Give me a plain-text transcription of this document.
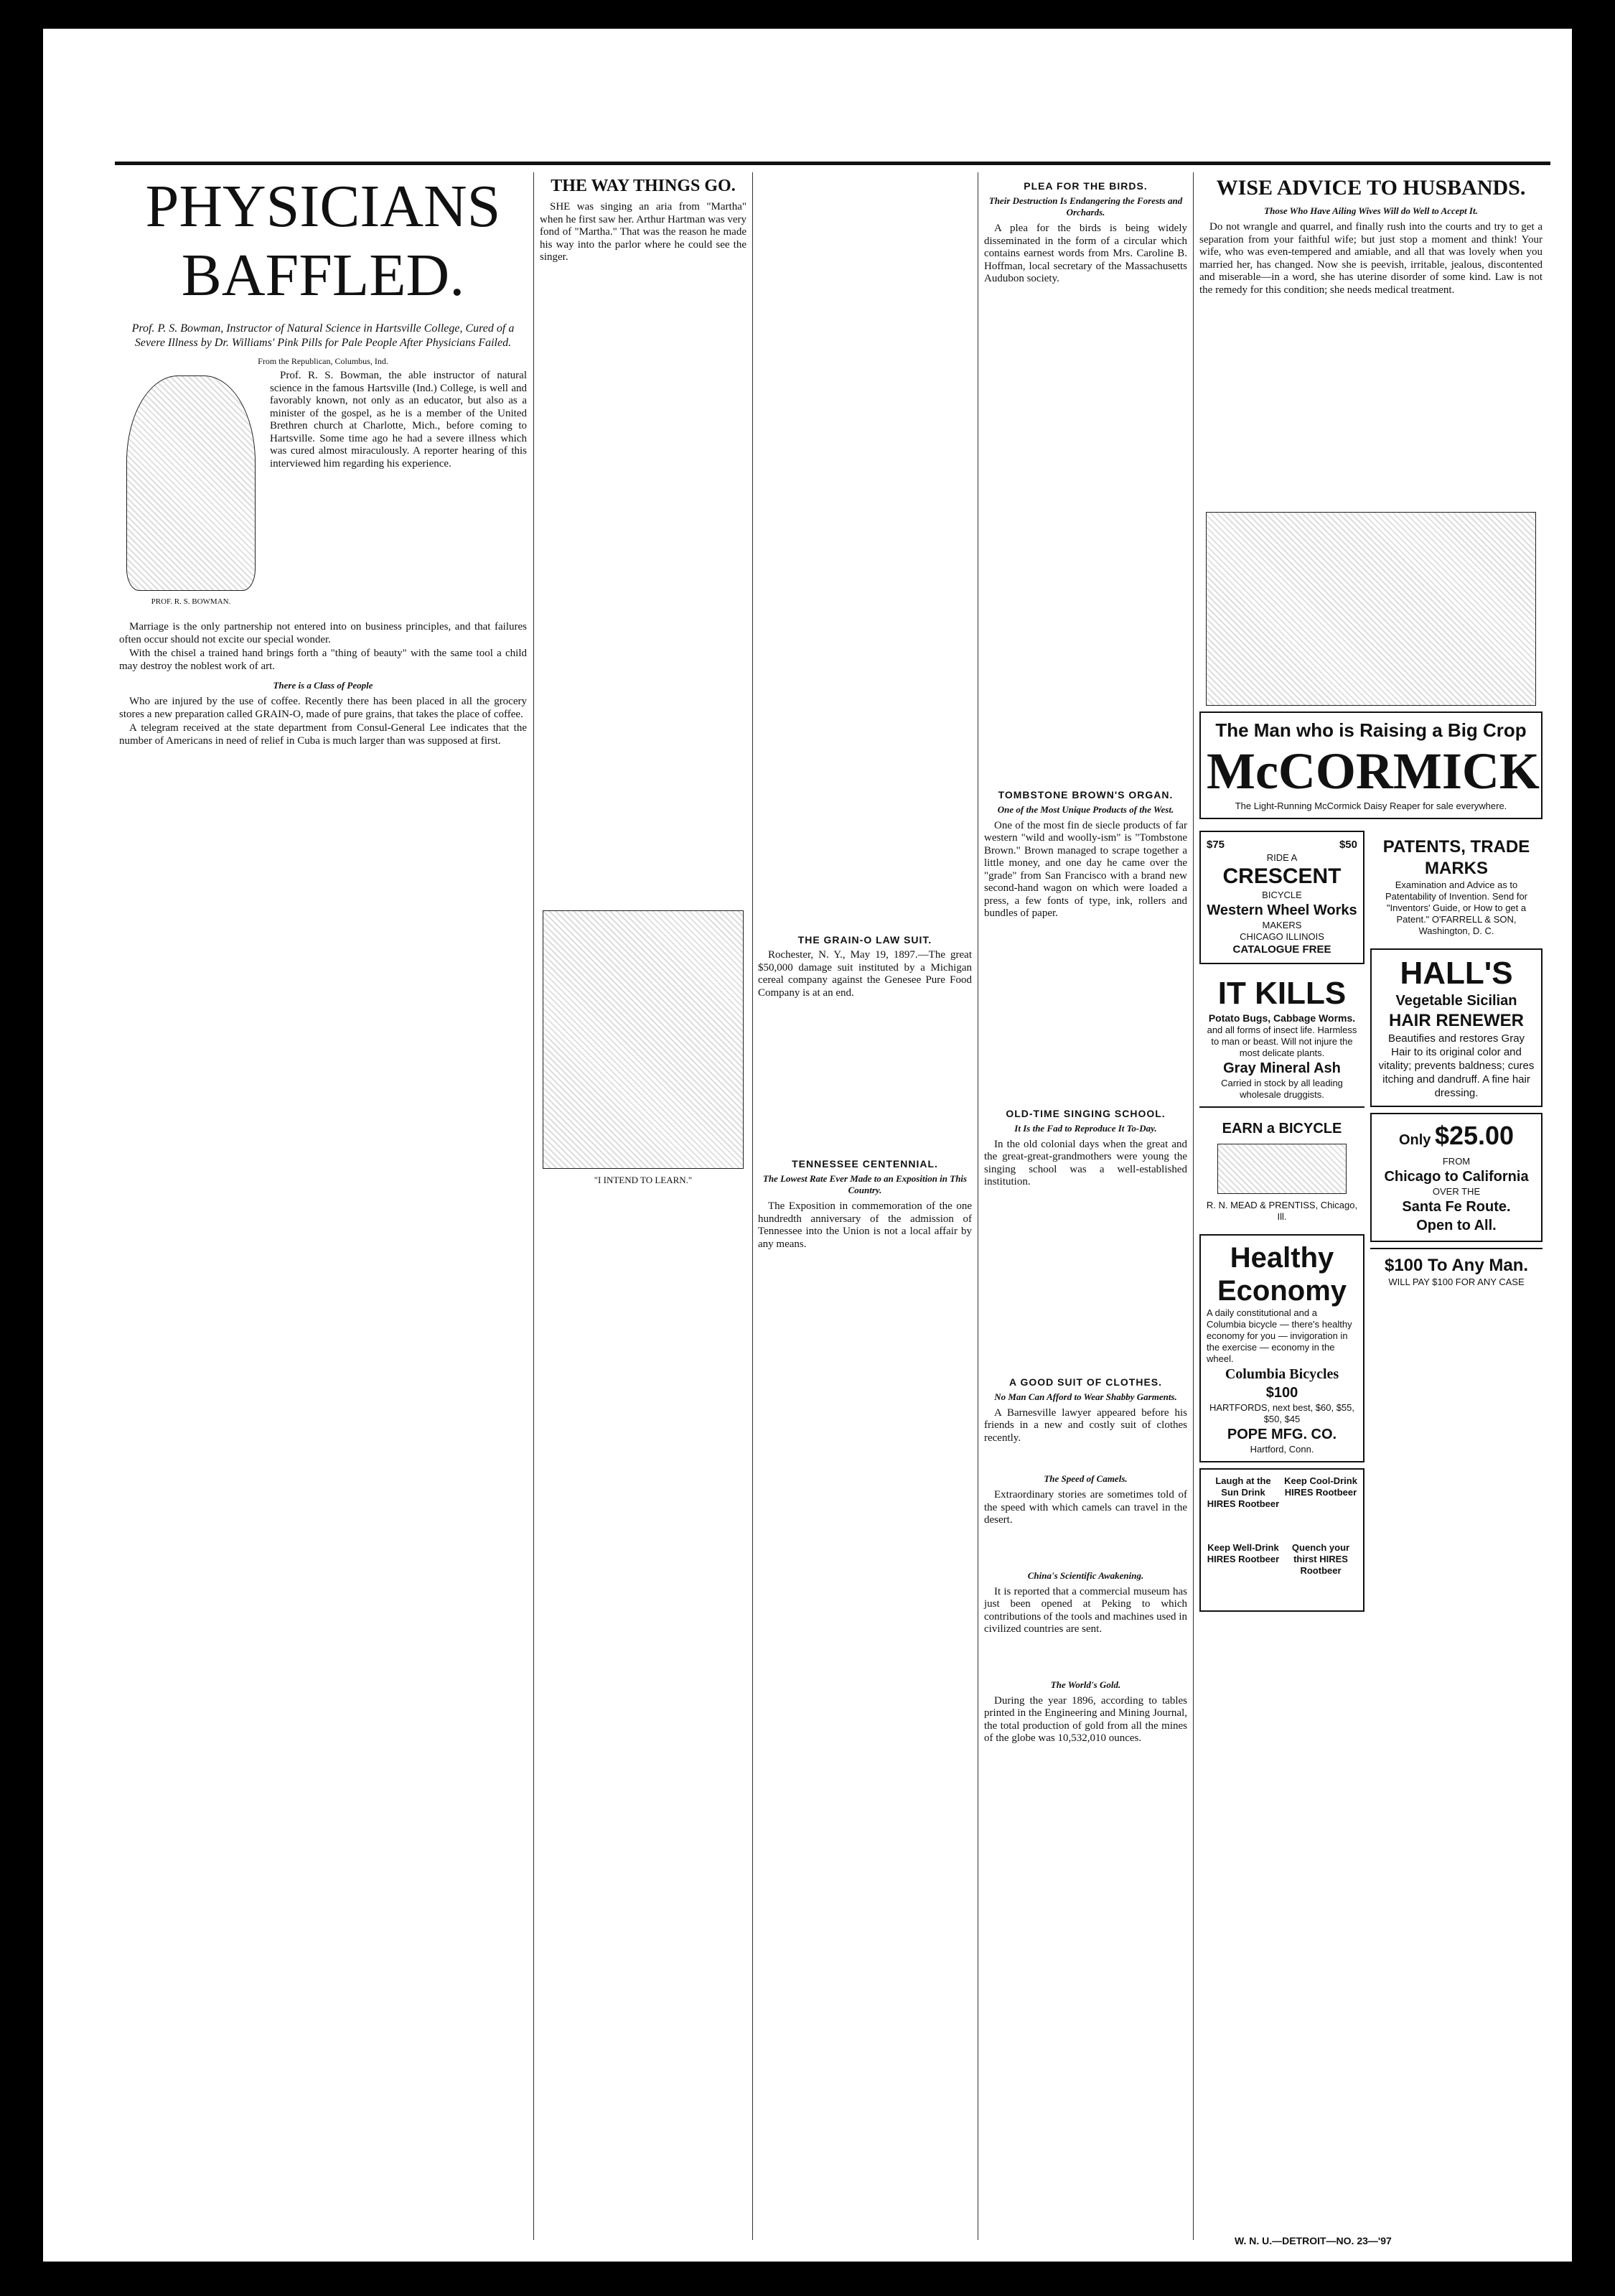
PHYSICIANS BAFFLED.
Prof. P. S. Bowman, Instructor of Natural Science in Hartsville College, Cured of a Severe Illness by Dr. Williams' Pink Pills for Pale People After Physicians Failed.
From the Republican, Columbus, Ind.
PROF. R. S. BOWMAN.

Prof. R. S. Bowman, the able instructor of natural science in the famous Hartsville (Ind.) College, is well and favorably known, not only as an educator, but also as a minister of the gospel, as he is a member of the United Brethren church at Charlotte, Mich., before coming to Hartsville. Some time ago he had a severe illness which was cured almost miraculously. A reporter hearing of this interviewed him regarding his experience.

Marriage is the only partnership not entered into on business principles, and that failures often occur should not excite our special wonder.

With the chisel a trained hand brings forth a "thing of beauty" with the same tool a child may destroy the noblest work of art.

There is a Class of People

Who are injured by the use of coffee. Recently there has been placed in all the grocery stores a new preparation called GRAIN-O, made of pure grains, that takes the place of coffee.

A telegram received at the state department from Consul-General Lee indicates that the number of Americans in need of relief in Cuba is much larger than was supposed at first.

THE WAY THINGS GO.

SHE was singing an aria from "Martha" when he first saw her. Arthur Hartman was very fond of "Martha." That was the reason he made his way into the parlor where he could see the singer.

"I INTEND TO LEARN."
THE GRAIN-O LAW SUIT.

Rochester, N. Y., May 19, 1897.—The great $50,000 damage suit instituted by a Michigan cereal company against the Genesee Pure Food Company is at an end.

TENNESSEE CENTENNIAL.
The Lowest Rate Ever Made to an Exposition in This Country.

The Exposition in commemoration of the one hundredth anniversary of the admission of Tennessee into the Union is not a local affair by any means.

PLEA FOR THE BIRDS.
Their Destruction Is Endangering the Forests and Orchards.

A plea for the birds is being widely disseminated in the form of a circular which contains earnest words from Mrs. Caroline B. Hoffman, local secretary of the Massachusetts Audubon society.

TOMBSTONE BROWN'S ORGAN.
One of the Most Unique Products of the West.

One of the most fin de siecle products of far western "wild and woolly-ism" is "Tombstone Brown." Brown managed to scrape together a little money, and one day he came over the "grade" from San Francisco with a brand new second-hand wagon on which were loaded a press, a few fonts of type, ink, rollers and bundles of paper.

OLD-TIME SINGING SCHOOL.
It Is the Fad to Reproduce It To-Day.

In the old colonial days when the great and the great-great-grandmothers were young the singing school was a well-established institution.

A GOOD SUIT OF CLOTHES.
No Man Can Afford to Wear Shabby Garments.

A Barnesville lawyer appeared before his friends in a new and costly suit of clothes recently.

The Speed of Camels.

Extraordinary stories are sometimes told of the speed with which camels can travel in the desert.

China's Scientific Awakening.

It is reported that a commercial museum has just been opened at Peking to which contributions of the tools and machines used in civilized countries are sent.

The World's Gold.

During the year 1896, according to tables printed in the Engineering and Mining Journal, the total production of gold from all the mines of the globe was 10,532,010 ounces.

WISE ADVICE TO HUSBANDS.
Those Who Have Ailing Wives Will do Well to Accept It.

Do not wrangle and quarrel, and finally rush into the courts and try to get a separation from your faithful wife; but just stop a moment and think! Your wife, who was even-tempered and amiable, and all that was lovely when you married her, has changed. Now she is peevish, irritable, jealous, discontented and miserable—in a word, she has uterine disorder of some kind. Law is not the remedy for this condition; she needs medical treatment.

The Man who is Raising a Big Crop
McCORMICK
The Light-Running McCormick Daisy Reaper for sale everywhere.
$75	$50
RIDE A
CRESCENT
BICYCLE
Western Wheel Works
MAKERS
CHICAGO ILLINOIS
CATALOGUE FREE
IT KILLS
Potato Bugs, Cabbage Worms.
and all forms of insect life. Harmless to man or beast. Will not injure the most delicate plants.
Gray Mineral Ash
Carried in stock by all leading wholesale druggists.
EARN a BICYCLE
R. N. MEAD & PRENTISS, Chicago, Ill.
Healthy
Economy
A daily constitutional and a Columbia bicycle — there's healthy economy for you — invigoration in the exercise — economy in the wheel.
Columbia Bicycles
$100
HARTFORDS, next best, $60, $55, $50, $45
POPE MFG. CO.
Hartford, Conn.
Laugh at the Sun Drink HIRES Rootbeer
Keep Cool-Drink HIRES Rootbeer
Keep Well-Drink HIRES Rootbeer
Quench your thirst HIRES Rootbeer
PATENTS, TRADE MARKS
Examination and Advice as to Patentability of Invention. Send for "Inventors' Guide, or How to get a Patent." O'FARRELL & SON, Washington, D. C.
HALL'S
Vegetable Sicilian
HAIR RENEWER
Beautifies and restores Gray Hair to its original color and vitality; prevents baldness; cures itching and dandruff. A fine hair dressing.
Only $25.00
FROM
Chicago to California
OVER THE
Santa Fe Route.
Open to All.
$100 To Any Man.
WILL PAY $100 FOR ANY CASE
W. N. U.—DETROIT—NO. 23—'97
